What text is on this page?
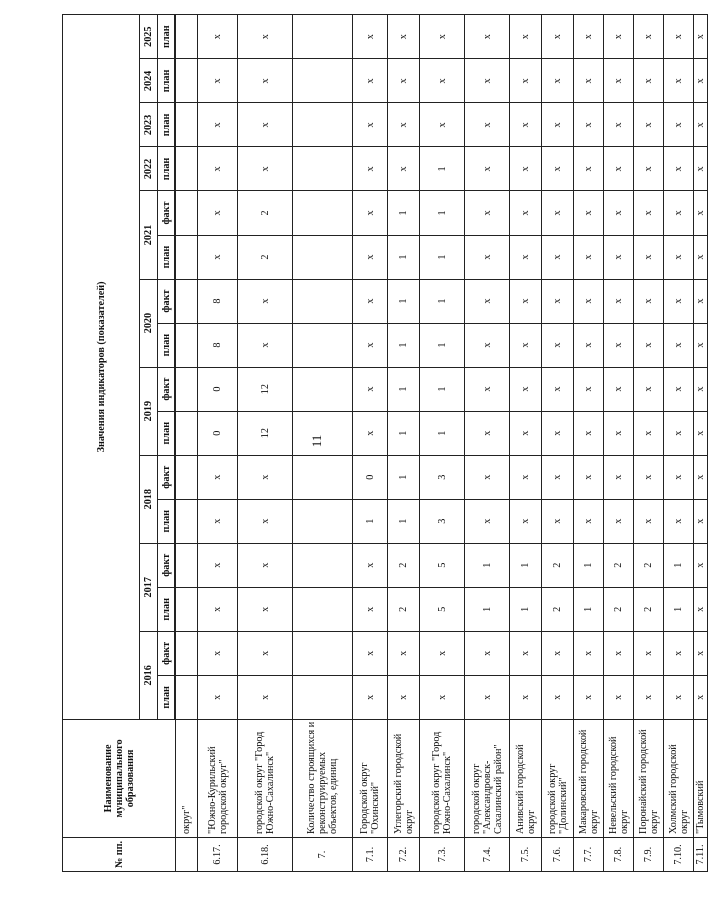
11
№ пп.	Наименование муниципального образования	Значения индикаторов (показателей)															
		2016		2017		2018		2019		2020		2021		2022	2023	2024	2025
		план	факт	план	факт	план	факт	план	факт	план	факт	план	факт	план	план	план	план

	округ"																
6.17.	"Южно-Курильский городской округ"	х	х	х	х	х	х	0	0	8	8	х	х	х	х	х	х
6.18.	городской округ "Город Южно-Сахалинск"	х	х	х	х	х	х	12	12	х	х	2	2	х	х	х	х
7.	Количество строящихся и реконструируемых объектов, единиц																
7.1.	Городской округ "Охинский"	х	х	х	х	1	0	х	х	х	х	х	х	х	х	х	х
7.2.	Углегорский городской округ	х	х	2	2	1	1	1	1	1	1	1	1	х	х	х	х
7.3.	городской округ "Город Южно-Сахалинск"	х	х	5	5	3	3	1	1	1	1	1	1	1	х	х	х
7.4.	городской округ "Александровск-Сахалинский район"	х	х	1	1	х	х	х	х	х	х	х	х	х	х	х	х
7.5.	Анивский городской округ	х	х	1	1	х	х	х	х	х	х	х	х	х	х	х	х
7.6.	городской округ "Долинский"	х	х	2	2	х	х	х	х	х	х	х	х	х	х	х	х
7.7.	Макаровский городской округ	х	х	1	1	х	х	х	х	х	х	х	х	х	х	х	х
7.8.	Невельский городской округ	х	х	2	2	х	х	х	х	х	х	х	х	х	х	х	х
7.9.	Поронайский городской округ	х	х	2	2	х	х	х	х	х	х	х	х	х	х	х	х
7.10.	Холмский городской округ	х	х	1	1	х	х	х	х	х	х	х	х	х	х	х	х
7.11.	"Тымовский	х	х	х	х	х	х	х	х	х	х	х	х	х	х	х	х
